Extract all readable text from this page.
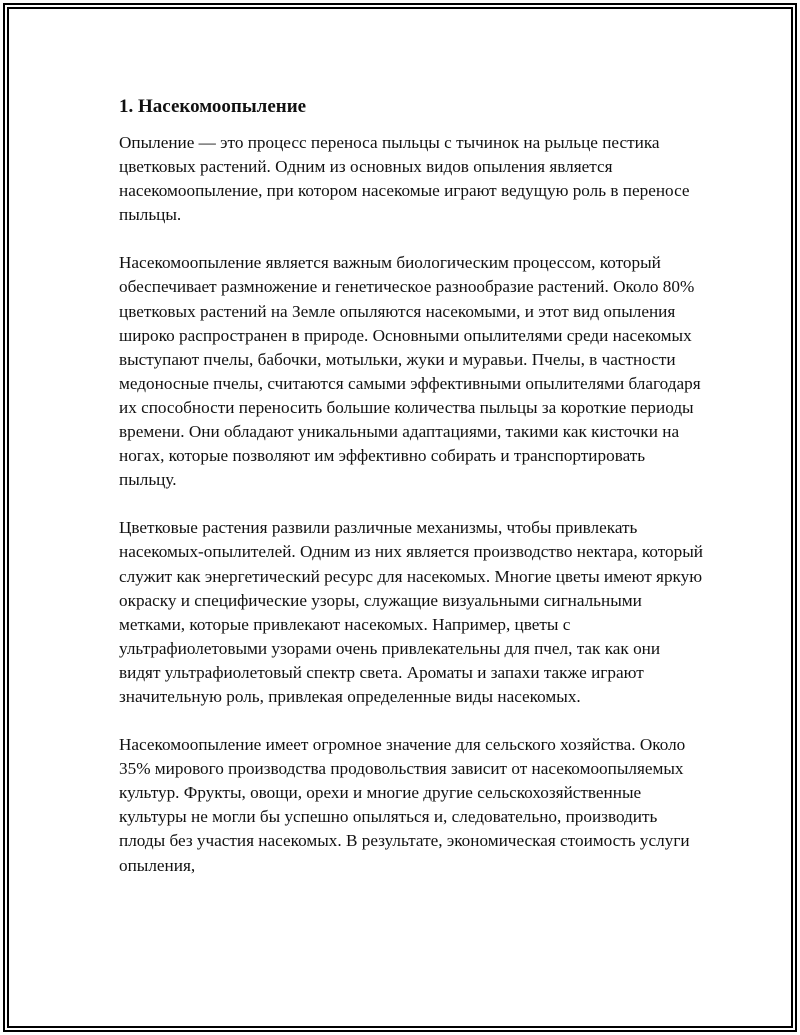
1. Насекомоопыление

Опыление — это процесс переноса пыльцы с тычинок на рыльце пестика цветковых растений. Одним из основных видов опыления является насекомоопыление, при котором насекомые играют ведущую роль в переносе пыльцы.

Насекомоопыление является важным биологическим процессом, который обеспечивает размножение и генетическое разнообразие растений. Около 80% цветковых растений на Земле опыляются насекомыми, и этот вид опыления широко распространен в природе. Основными опылителями среди насекомых выступают пчелы, бабочки, мотыльки, жуки и муравьи. Пчелы, в частности медоносные пчелы, считаются самыми эффективными опылителями благодаря их способности переносить большие количества пыльцы за короткие периоды времени. Они обладают уникальными адаптациями, такими как кисточки на ногах, которые позволяют им эффективно собирать и транспортировать пыльцу.

Цветковые растения развили различные механизмы, чтобы привлекать насекомых-опылителей. Одним из них является производство нектара, который служит как энергетический ресурс для насекомых. Многие цветы имеют яркую окраску и специфические узоры, служащие визуальными сигнальными метками, которые привлекают насекомых. Например, цветы с ультрафиолетовыми узорами очень привлекательны для пчел, так как они видят ультрафиолетовый спектр света. Ароматы и запахи также играют значительную роль, привлекая определенные виды насекомых.

Насекомоопыление имеет огромное значение для сельского хозяйства. Около 35% мирового производства продовольствия зависит от насекомоопыляемых культур. Фрукты, овощи, орехи и многие другие сельскохозяйственные культуры не могли бы успешно опыляться и, следовательно, производить плоды без участия насекомых. В результате, экономическая стоимость услуги опыления,
